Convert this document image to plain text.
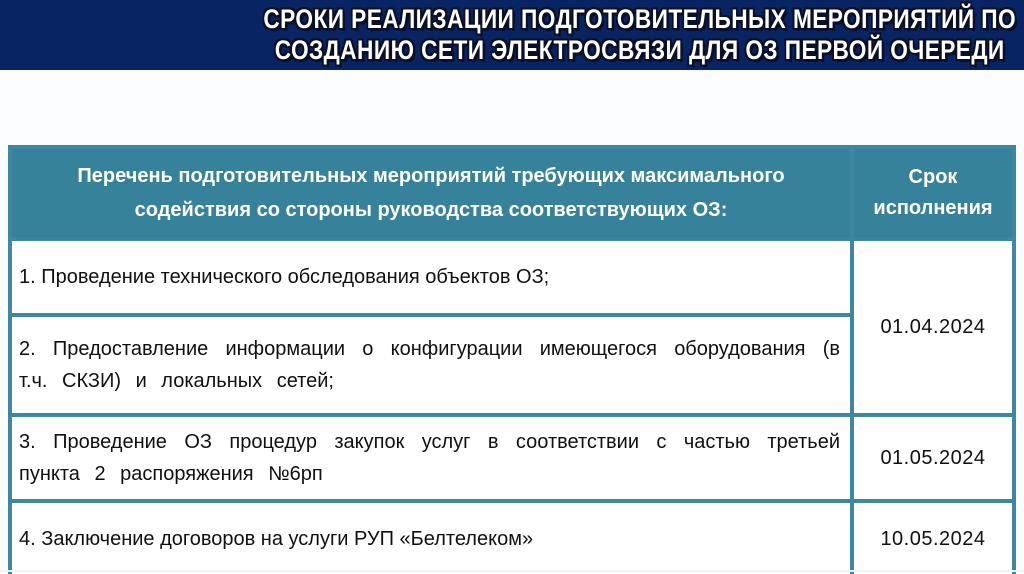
СРОКИ РЕАЛИЗАЦИИ ПОДГОТОВИТЕЛЬНЫХ МЕРОПРИЯТИЙ ПО
СОЗДАНИЮ СЕТИ ЭЛЕКТРОСВЯЗИ ДЛЯ ОЗ ПЕРВОЙ ОЧЕРЕДИ
Перечень подготовительных мероприятий требующих максимального содействия со стороны руководства соответствующих ОЗ:	Срок исполнения
1. Проведение технического обследования объектов ОЗ;	01.04.2024
2. Предоставление информации о конфигурации имеющегося оборудования (в т.ч. СКЗИ) и локальных сетей;	
3. Проведение ОЗ процедур закупок услуг в соответствии с частью третьей пункта 2 распоряжения №6рп	01.05.2024
4. Заключение договоров на услуги РУП «Белтелеком»	10.05.2024
